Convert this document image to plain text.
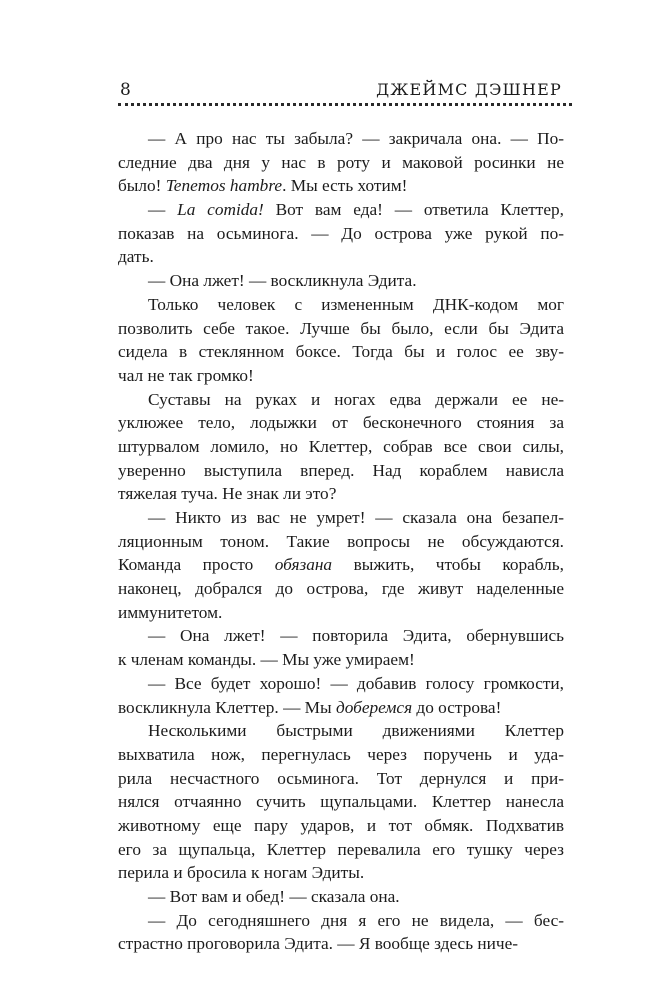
8	ДЖЕЙМС ДЭШНЕР
— А про нас ты забыла? — закричала она. — По-
следние два дня у нас в роту и маковой росинки не
было! Tenemos hambre. Мы есть хотим!
— La comida! Вот вам еда! — ответила Клеттер,
показав на осьминога. — До острова уже рукой по-
дать.
— Она лжет! — воскликнула Эдита.
Только человек с измененным ДНК-кодом мог
позволить себе такое. Лучше бы было, если бы Эдита
сидела в стеклянном боксе. Тогда бы и голос ее зву-
чал не так громко!
Суставы на руках и ногах едва держали ее не-
уклюжее тело, лодыжки от бесконечного стояния за
штурвалом ломило, но Клеттер, собрав все свои силы,
уверенно выступила вперед. Над кораблем нависла
тяжелая туча. Не знак ли это?
— Никто из вас не умрет! — сказала она безапел-
ляционным тоном. Такие вопросы не обсуждаются.
Команда просто обязана выжить, чтобы корабль,
наконец, добрался до острова, где живут наделенные
иммунитетом.
— Она лжет! — повторила Эдита, обернувшись
к членам команды. — Мы уже умираем!
— Все будет хорошо! — добавив голосу громкости,
воскликнула Клеттер. — Мы доберемся до острова!
Несколькими быстрыми движениями Клеттер
выхватила нож, перегнулась через поручень и уда-
рила несчастного осьминога. Тот дернулся и при-
нялся отчаянно сучить щупальцами. Клеттер нанесла
животному еще пару ударов, и тот обмяк. Подхватив
его за щупальца, Клеттер перевалила его тушку через
перила и бросила к ногам Эдиты.
— Вот вам и обед! — сказала она.
— До сегодняшнего дня я его не видела, — бес-
страстно проговорила Эдита. — Я вообще здесь ниче-
